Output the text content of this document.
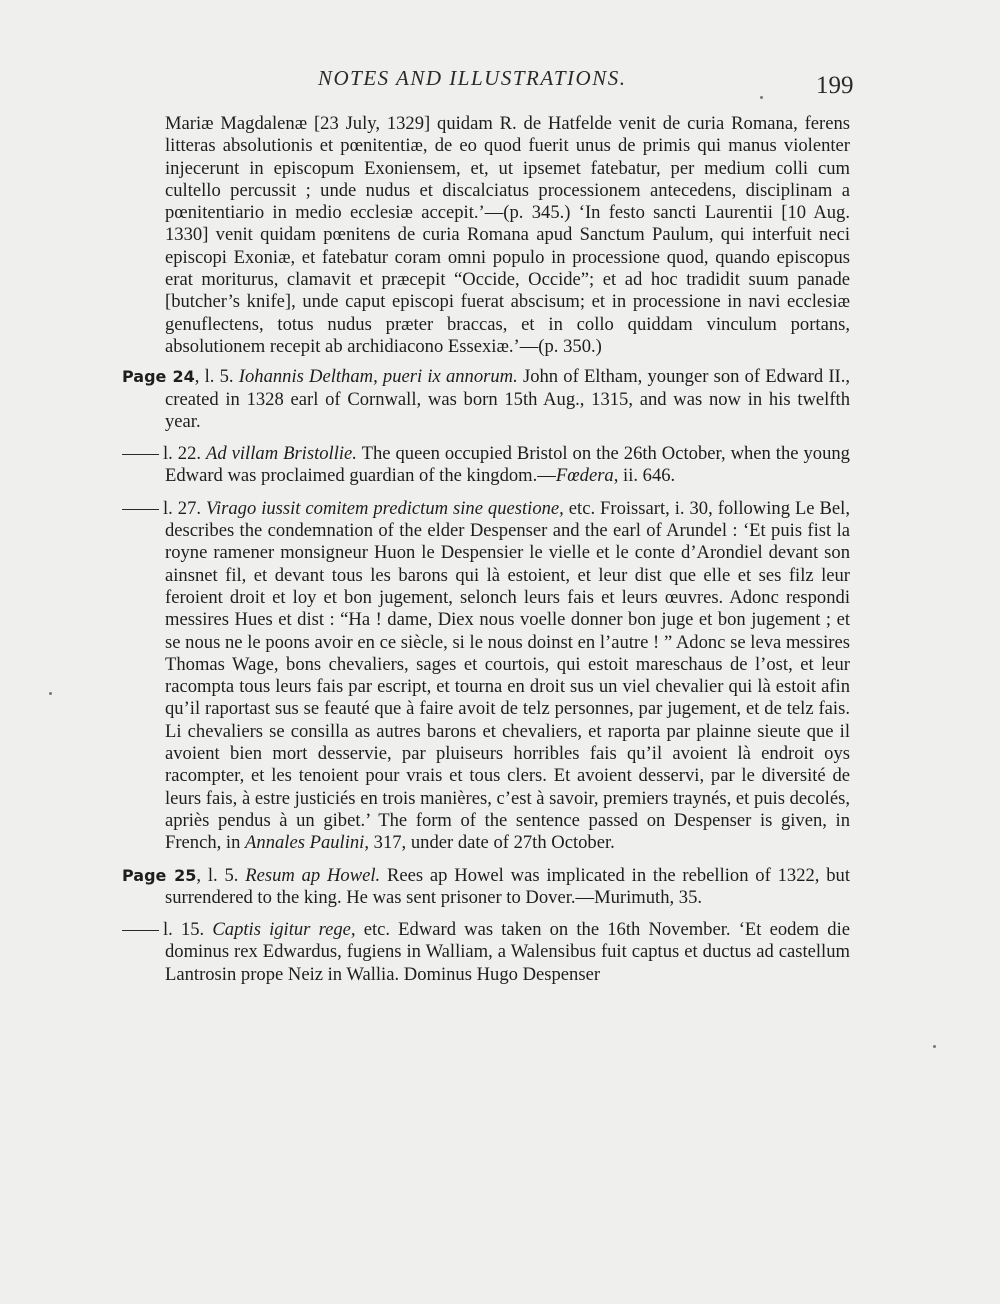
NOTES AND ILLUSTRATIONS.	199

Mariæ Magdalenæ [23 July, 1329] quidam R. de Hatfelde venit de curia Romana, ferens litteras absolutionis et pœnitentiæ, de eo quod fuerit unus de primis qui manus violenter injecerunt in episcopum Exoniensem, et, ut ipsemet fatebatur, per medium colli cum cultello percussit ; unde nudus et discalciatus processionem antecedens, disciplinam a pœnitentiario in medio ecclesiæ accepit.’—(p. 345.) ‘In festo sancti Laurentii [10 Aug. 1330] venit quidam pœnitens de curia Romana apud Sanctum Paulum, qui interfuit neci episcopi Exoniæ, et fatebatur coram omni populo in processione quod, quando episcopus erat moriturus, clamavit et præcepit “Occide, Occide”; et ad hoc tradidit suum panade [butcher’s knife], unde caput episcopi fuerat abscisum; et in processione in navi ecclesiæ genuflectens, totus nudus præter braccas, et in collo quiddam vinculum portans, absolutionem recepit ab archidiacono Essexiæ.’—(p. 350.)

Page 24, l. 5. Iohannis Deltham, pueri ix annorum. John of Eltham, younger son of Edward II., created in 1328 earl of Cornwall, was born 15th Aug., 1315, and was now in his twelfth year.

l. 22. Ad villam Bristollie. The queen occupied Bristol on the 26th October, when the young Edward was proclaimed guardian of the kingdom.—Fœdera, ii. 646.

l. 27. Virago iussit comitem predictum sine questione, etc. Froissart, i. 30, following Le Bel, describes the condemnation of the elder Despenser and the earl of Arundel : ‘Et puis fist la royne ramener monsigneur Huon le Despensier le vielle et le conte d’Arondiel devant son ainsnet fil, et devant tous les barons qui là estoient, et leur dist que elle et ses filz leur feroient droit et loy et bon jugement, selonch leurs fais et leurs œuvres. Adonc respondi messires Hues et dist : “Ha ! dame, Diex nous voelle donner bon juge et bon jugement ; et se nous ne le poons avoir en ce siècle, si le nous doinst en l’autre ! ” Adonc se leva messires Thomas Wage, bons chevaliers, sages et courtois, qui estoit mareschaus de l’ost, et leur racompta tous leurs fais par escript, et tourna en droit sus un viel chevalier qui là estoit afin qu’il raportast sus se feauté que à faire avoit de telz personnes, par jugement, et de telz fais. Li chevaliers se consilla as autres barons et chevaliers, et raporta par plainne sieute que il avoient bien mort desservie, par pluiseurs horribles fais qu’il avoient là endroit oys racompter, et les tenoient pour vrais et tous clers. Et avoient desservi, par le diversité de leurs fais, à estre justiciés en trois manières, c’est à savoir, premiers traynés, et puis decolés, apriès pendus à un gibet.’ The form of the sentence passed on Despenser is given, in French, in Annales Paulini, 317, under date of 27th October.

Page 25, l. 5. Resum ap Howel. Rees ap Howel was implicated in the rebellion of 1322, but surrendered to the king. He was sent prisoner to Dover.—Murimuth, 35.

l. 15. Captis igitur rege, etc. Edward was taken on the 16th November. ‘Et eodem die dominus rex Edwardus, fugiens in Walliam, a Walensibus fuit captus et ductus ad castellum Lantrosin prope Neiz in Wallia. Dominus Hugo Despenser
